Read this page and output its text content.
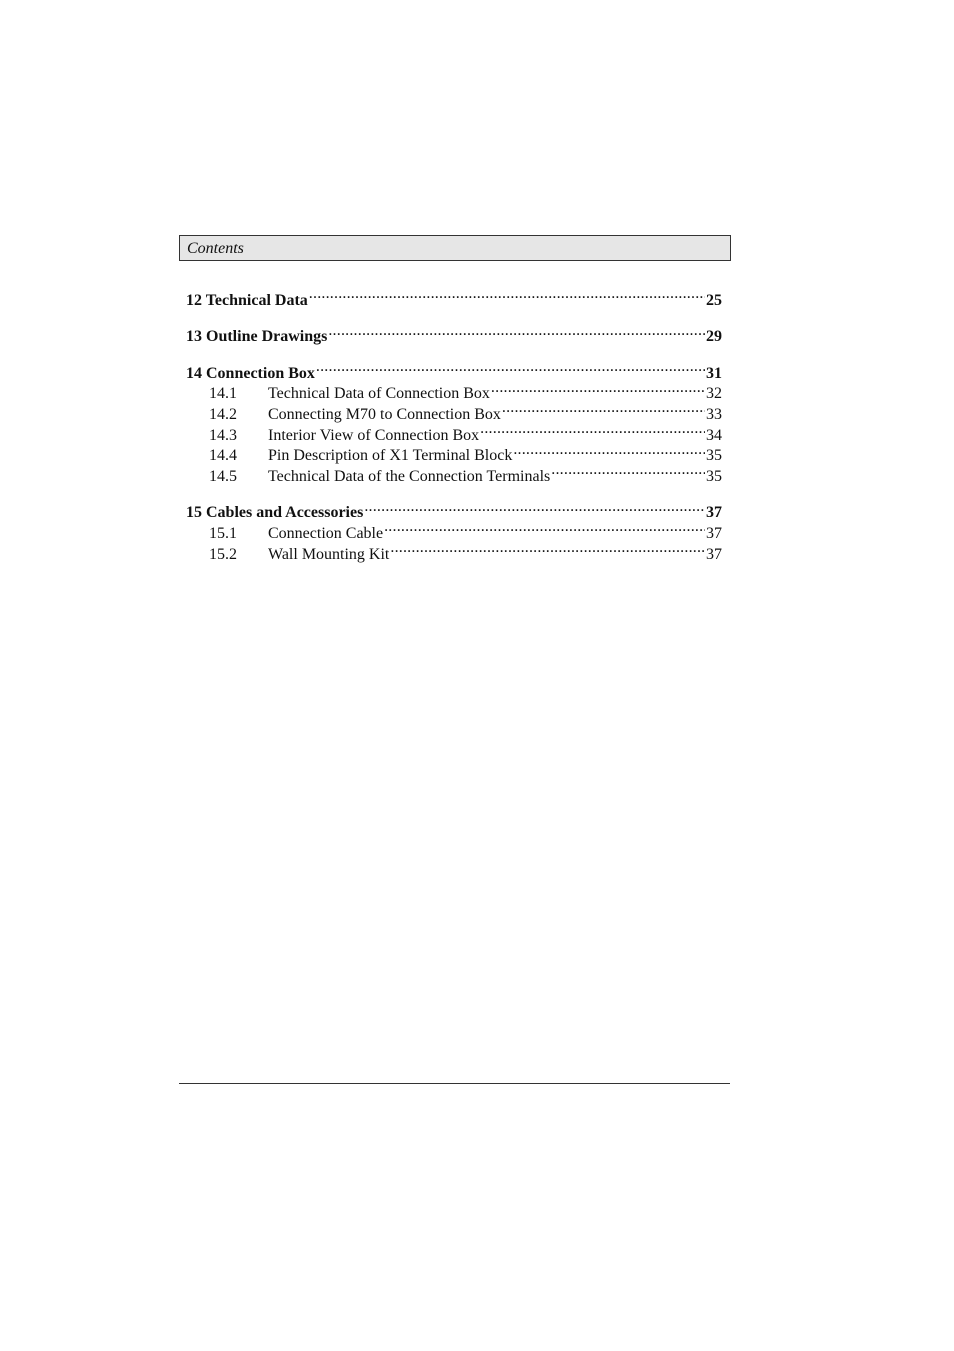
Contents
12 Technical Data .....	25
13 Outline Drawings .....	29
14 Connection Box .....	31
14.1	Technical Data of Connection Box .....	32
14.2	Connecting M70 to Connection Box .....	33
14.3	Interior View of Connection Box .....	34
14.4	Pin Description of X1 Terminal Block .....	35
14.5	Technical Data of the Connection Terminals .....	35
15 Cables and Accessories .....	37
15.1	Connection Cable .....	37
15.2	Wall Mounting Kit .....	37
